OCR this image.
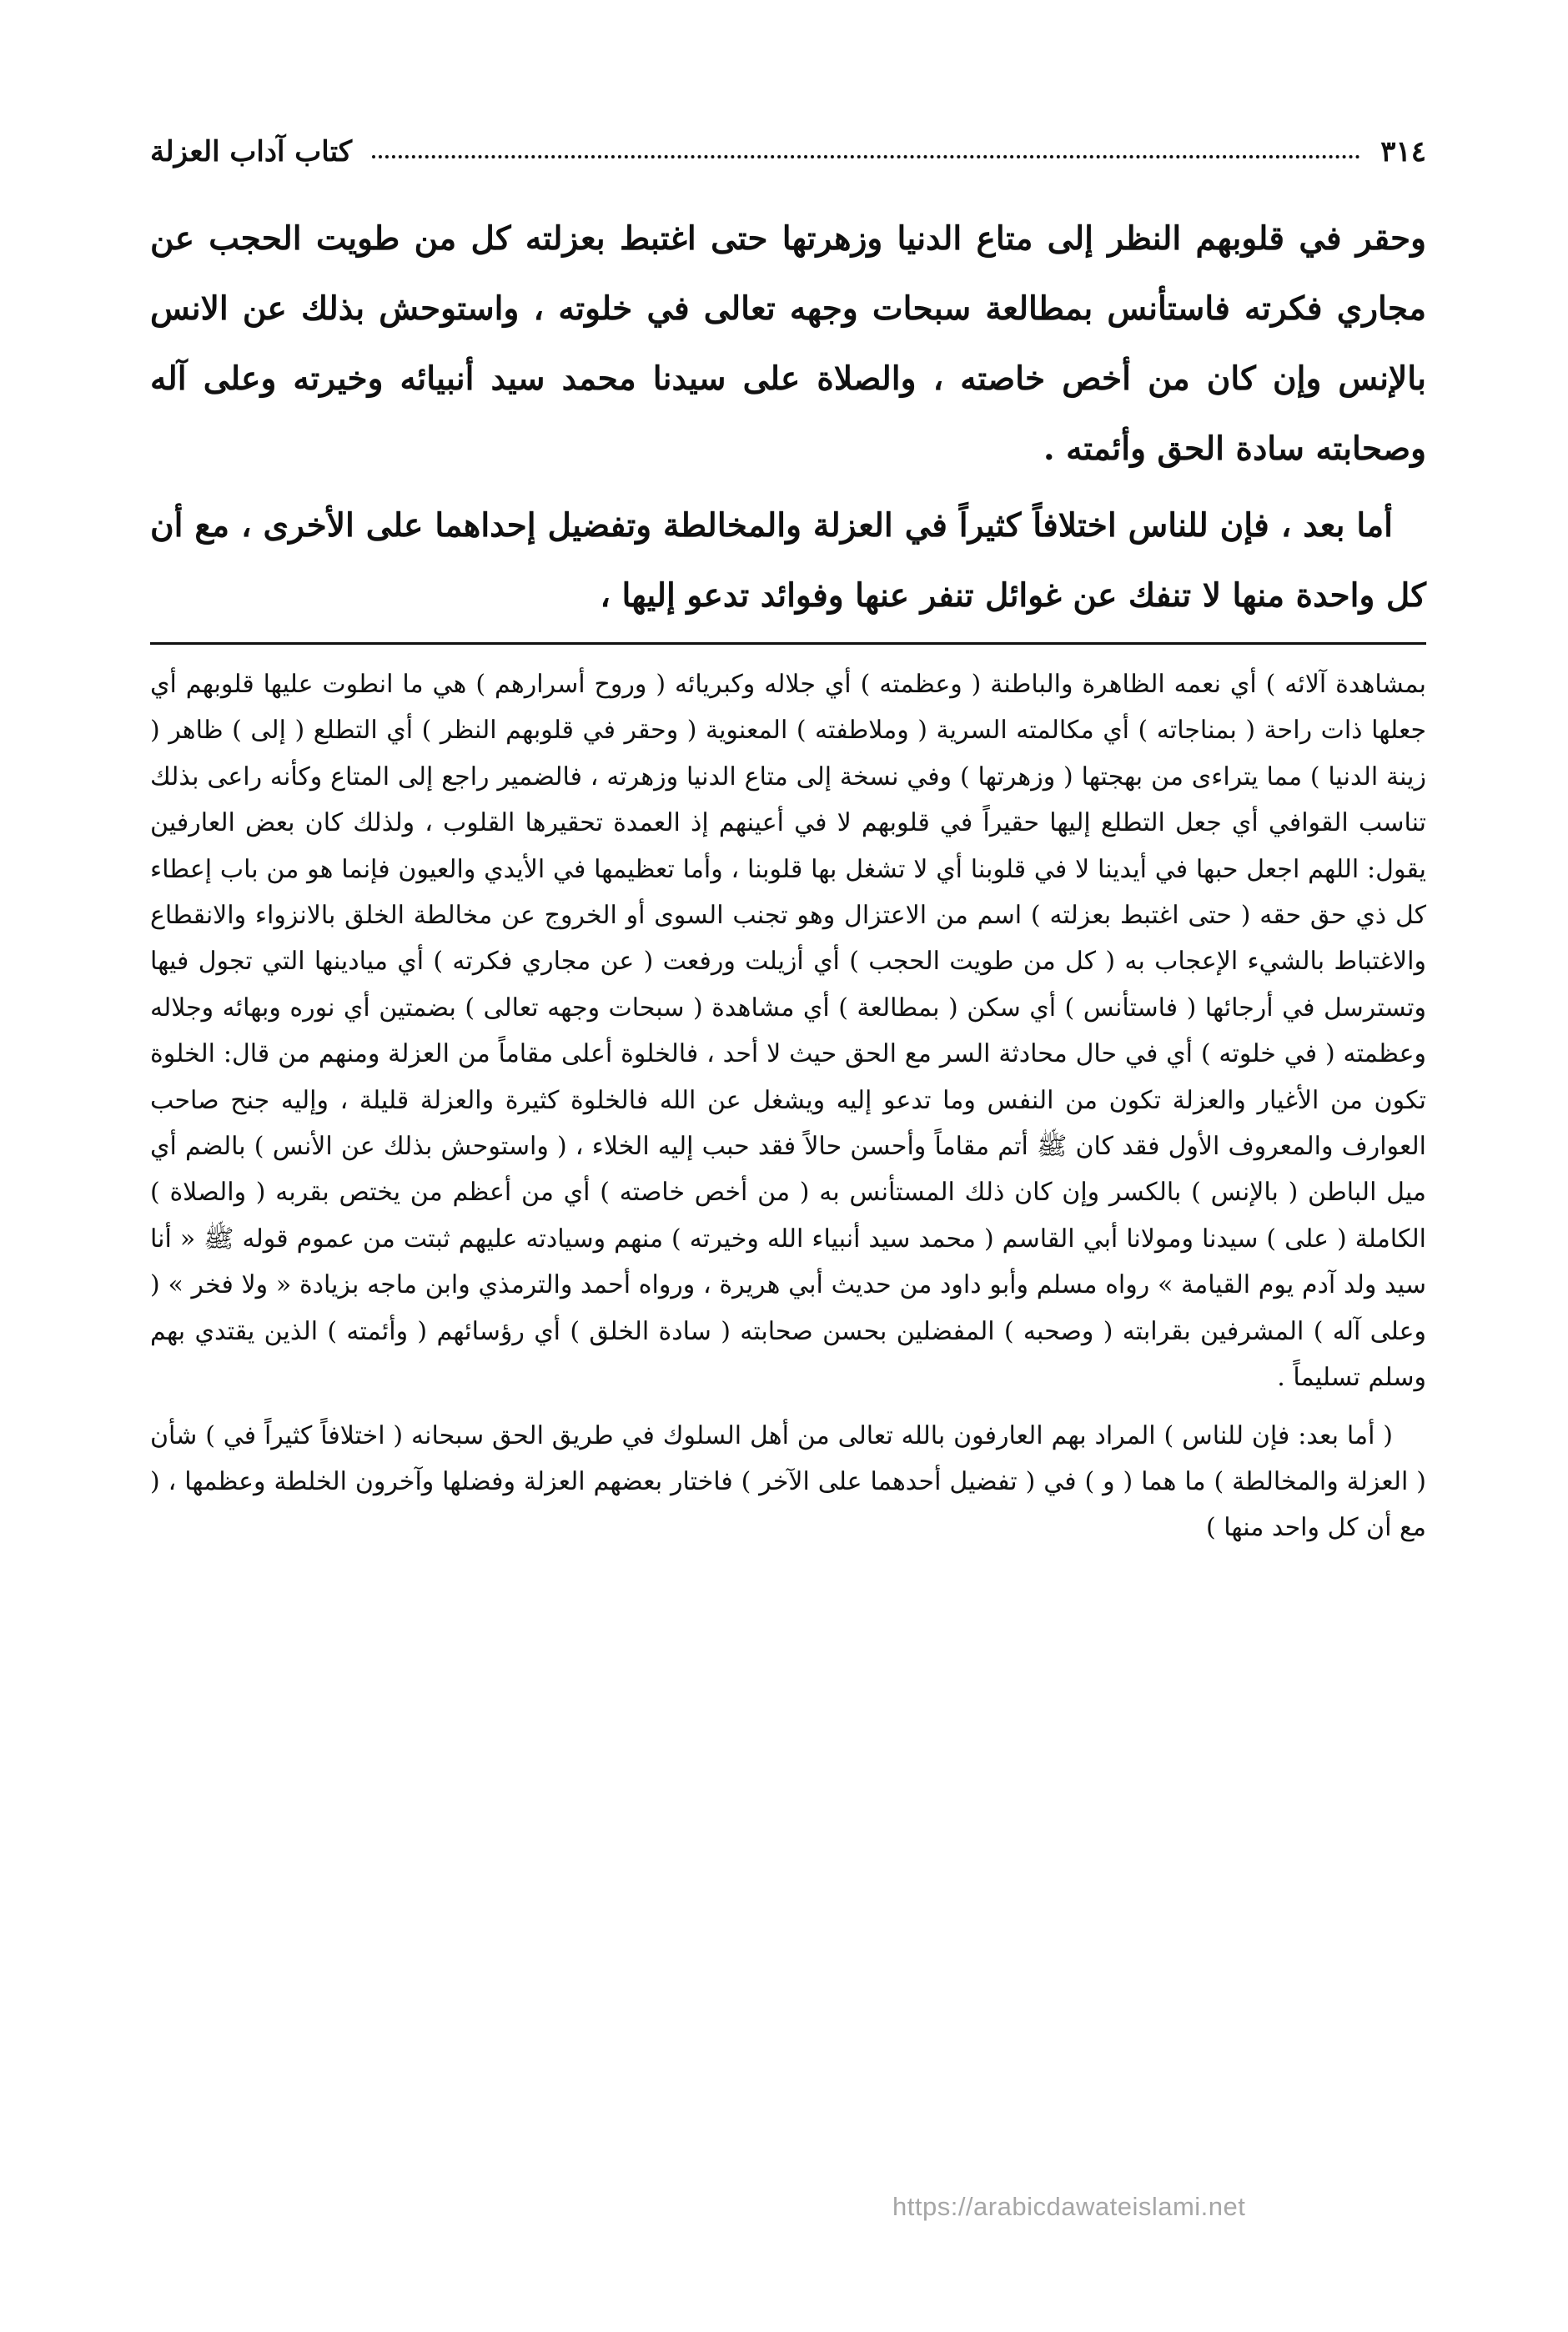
٣١٤
كتاب آداب العزلة

وحقر في قلوبهم النظر إلى متاع الدنيا وزهرتها حتى اغتبط بعزلته كل من طويت الحجب عن مجاري فكرته فاستأنس بمطالعة سبحات وجهه تعالى في خلوته ، واستوحش بذلك عن الانس بالإنس وإن كان من أخص خاصته ، والصلاة على سيدنا محمد سيد أنبيائه وخيرته وعلى آله وصحابته سادة الحق وأئمته .

أما بعد ، فإن للناس اختلافاً كثيراً في العزلة والمخالطة وتفضيل إحداهما على الأخرى ، مع أن كل واحدة منها لا تنفك عن غوائل تنفر عنها وفوائد تدعو إليها ،

بمشاهدة آلائه ) أي نعمه الظاهرة والباطنة ( وعظمته ) أي جلاله وكبريائه ( وروح أسرارهم ) هي ما انطوت عليها قلوبهم أي جعلها ذات راحة ( بمناجاته ) أي مكالمته السرية ( وملاطفته ) المعنوية ( وحقر في قلوبهم النظر ) أي التطلع ( إلى ) ظاهر ( زينة الدنيا ) مما يتراءى من بهجتها ( وزهرتها ) وفي نسخة إلى متاع الدنيا وزهرته ، فالضمير راجع إلى المتاع وكأنه راعى بذلك تناسب القوافي أي جعل التطلع إليها حقيراً في قلوبهم لا في أعينهم إذ العمدة تحقيرها القلوب ، ولذلك كان بعض العارفين يقول: اللهم اجعل حبها في أيدينا لا في قلوبنا أي لا تشغل بها قلوبنا ، وأما تعظيمها في الأيدي والعيون فإنما هو من باب إعطاء كل ذي حق حقه ( حتى اغتبط بعزلته ) اسم من الاعتزال وهو تجنب السوى أو الخروج عن مخالطة الخلق بالانزواء والانقطاع والاغتباط بالشيء الإعجاب به ( كل من طويت الحجب ) أي أزيلت ورفعت ( عن مجاري فكرته ) أي ميادينها التي تجول فيها وتسترسل في أرجائها ( فاستأنس ) أي سكن ( بمطالعة ) أي مشاهدة ( سبحات وجهه تعالى ) بضمتين أي نوره وبهائه وجلاله وعظمته ( في خلوته ) أي في حال محادثة السر مع الحق حيث لا أحد ، فالخلوة أعلى مقاماً من العزلة ومنهم من قال: الخلوة تكون من الأغيار والعزلة تكون من النفس وما تدعو إليه ويشغل عن الله فالخلوة كثيرة والعزلة قليلة ، وإليه جنح صاحب العوارف والمعروف الأول فقد كان ﷺ أتم مقاماً وأحسن حالاً فقد حبب إليه الخلاء ، ( واستوحش بذلك عن الأنس ) بالضم أي ميل الباطن ( بالإنس ) بالكسر وإن كان ذلك المستأنس به ( من أخص خاصته ) أي من أعظم من يختص بقربه ( والصلاة ) الكاملة ( على ) سيدنا ومولانا أبي القاسم ( محمد سيد أنبياء الله وخيرته ) منهم وسيادته عليهم ثبتت من عموم قوله ﷺ « أنا سيد ولد آدم يوم القيامة » رواه مسلم وأبو داود من حديث أبي هريرة ، ورواه أحمد والترمذي وابن ماجه بزيادة « ولا فخر » ( وعلى آله ) المشرفين بقرابته ( وصحبه ) المفضلين بحسن صحابته ( سادة الخلق ) أي رؤسائهم ( وأئمته ) الذين يقتدي بهم وسلم تسليماً .

( أما بعد: فإن للناس ) المراد بهم العارفون بالله تعالى من أهل السلوك في طريق الحق سبحانه ( اختلافاً كثيراً في ) شأن ( العزلة والمخالطة ) ما هما ( و ) في ( تفضيل أحدهما على الآخر ) فاختار بعضهم العزلة وفضلها وآخرون الخلطة وعظمها ، ( مع أن كل واحد منها )

https://arabicdawateislami.net
